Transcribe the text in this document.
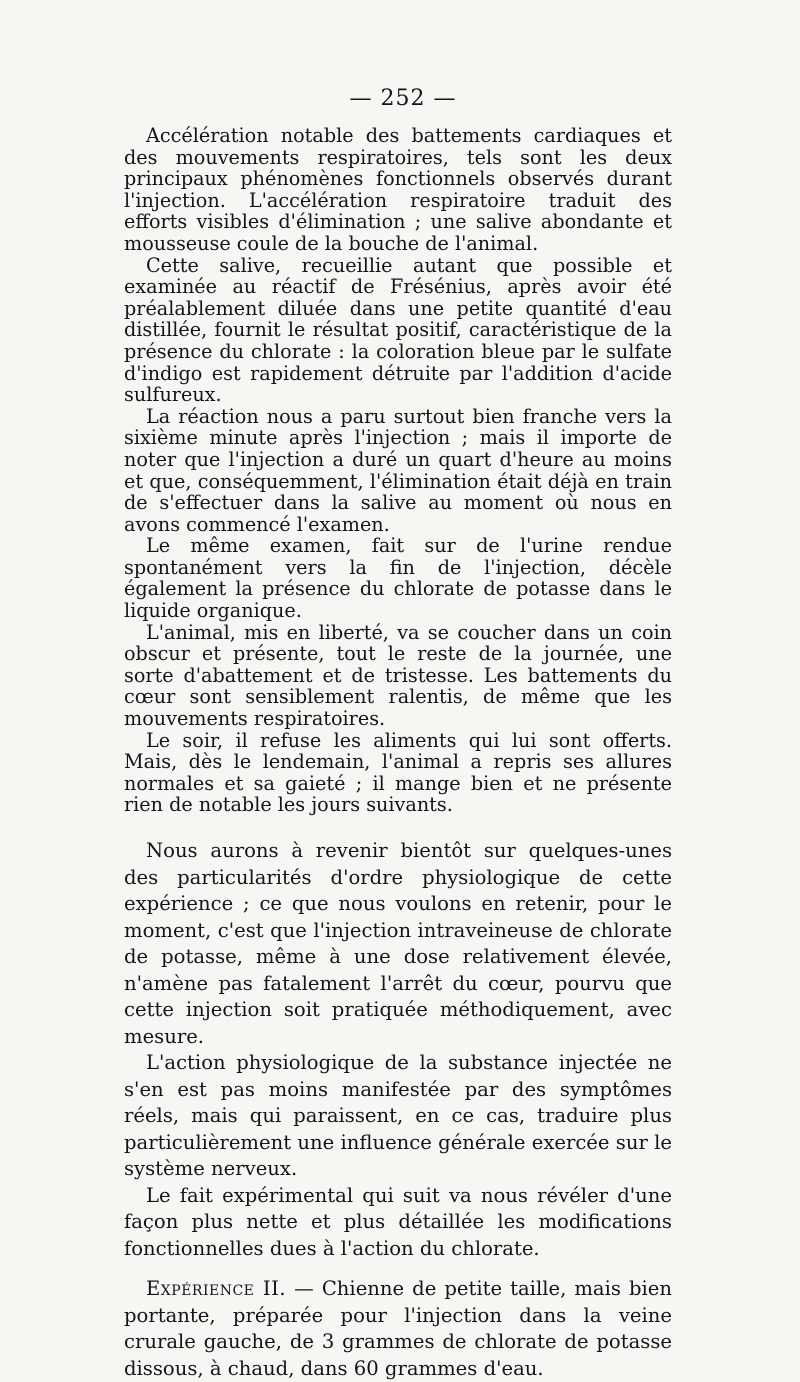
— 252 —

Accélération notable des battements cardiaques et des mouvements respiratoires, tels sont les deux principaux phénomènes fonctionnels observés durant l'injection. L'accélération respiratoire traduit des efforts visibles d'élimination ; une salive abondante et mousseuse coule de la bouche de l'animal.

Cette salive, recueillie autant que possible et examinée au réactif de Frésénius, après avoir été préalablement diluée dans une petite quantité d'eau distillée, fournit le résultat positif, caractéristique de la présence du chlorate : la coloration bleue par le sulfate d'indigo est rapidement détruite par l'addition d'acide sulfureux.

La réaction nous a paru surtout bien franche vers la sixième minute après l'injection ; mais il importe de noter que l'injection a duré un quart d'heure au moins et que, conséquemment, l'élimination était déjà en train de s'effectuer dans la salive au moment où nous en avons commencé l'examen.

Le même examen, fait sur de l'urine rendue spontanément vers la fin de l'injection, décèle également la présence du chlorate de potasse dans le liquide organique.

L'animal, mis en liberté, va se coucher dans un coin obscur et présente, tout le reste de la journée, une sorte d'abattement et de tristesse. Les battements du cœur sont sensiblement ralentis, de même que les mouvements respiratoires.

Le soir, il refuse les aliments qui lui sont offerts. Mais, dès le lendemain, l'animal a repris ses allures normales et sa gaieté ; il mange bien et ne présente rien de notable les jours suivants.

Nous aurons à revenir bientôt sur quelques-unes des particularités d'ordre physiologique de cette expérience ; ce que nous voulons en retenir, pour le moment, c'est que l'injection intraveineuse de chlorate de potasse, même à une dose relativement élevée, n'amène pas fatalement l'arrêt du cœur, pourvu que cette injection soit pratiquée méthodiquement, avec mesure.

L'action physiologique de la substance injectée ne s'en est pas moins manifestée par des symptômes réels, mais qui paraissent, en ce cas, traduire plus particulièrement une influence générale exercée sur le système nerveux.

Le fait expérimental qui suit va nous révéler d'une façon plus nette et plus détaillée les modifications fonctionnelles dues à l'action du chlorate.

Expérience II. — Chienne de petite taille, mais bien portante, préparée pour l'injection dans la veine crurale gauche, de 3 grammes de chlorate de potasse dissous, à chaud, dans 60 grammes d'eau.
